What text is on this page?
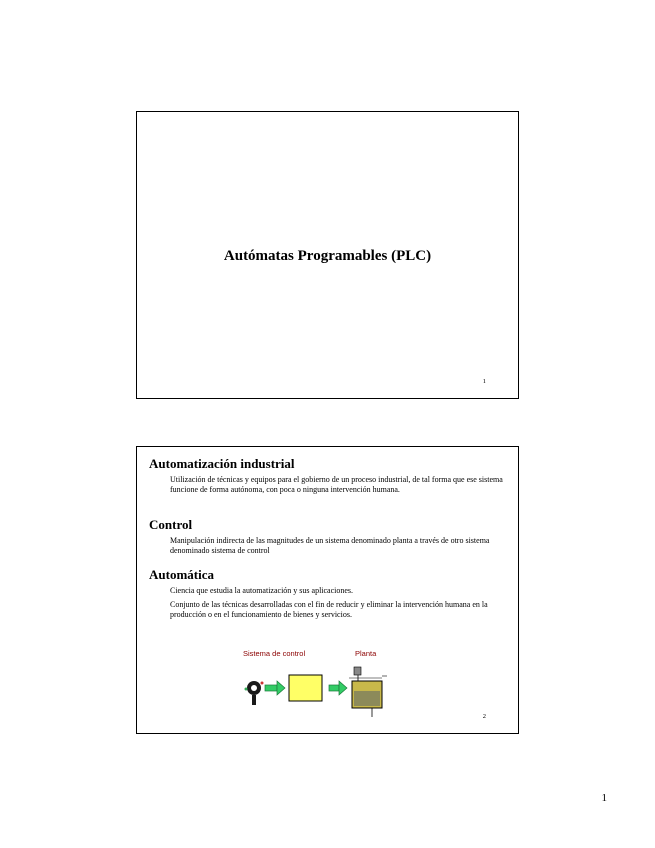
Autómatas Programables (PLC)
1
Automatización industrial

Utilización de técnicas y equipos para el gobierno de un proceso industrial, de tal forma que ese sistema funcione de forma autónoma, con poca o ninguna intervención humana.

Control

Manipulación indirecta de las magnitudes de un sistema denominado planta a través de otro sistema denominado sistema de control

Automática

Ciencia que estudia la automatización y sus aplicaciones.

Conjunto de las técnicas desarrolladas con el fin de reducir y eliminar la intervención humana en la producción o en el funcionamiento de bienes y servicios.

Sistema de control	Planta
2
1
